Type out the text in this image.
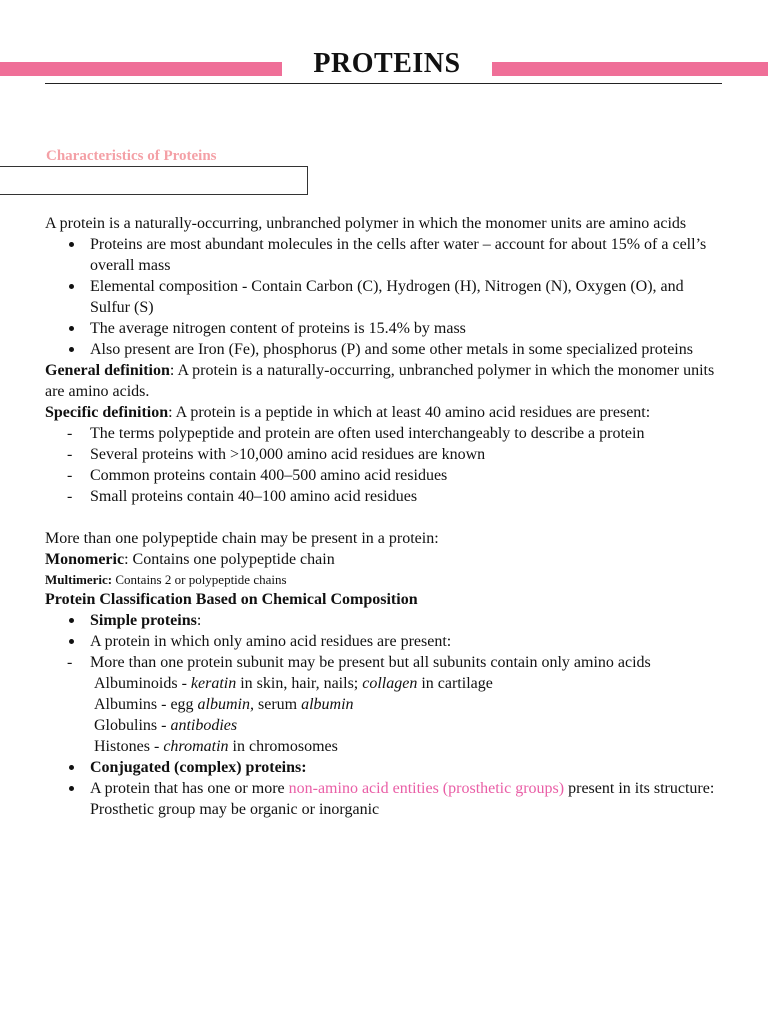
PROTEINS
Characteristics of Proteins

A protein is a naturally-occurring, unbranched polymer in which the monomer units are amino acids

Proteins are most abundant molecules in the cells after water – account for about 15% of a cell’s overall mass
Elemental composition - Contain Carbon (C), Hydrogen (H), Nitrogen (N), Oxygen (O), and Sulfur (S)
The average nitrogen content of proteins is 15.4% by mass
Also present are Iron (Fe), phosphorus (P) and some other metals in some specialized proteins

General definition: A protein is a naturally-occurring, unbranched polymer in which the monomer units are amino acids.

Specific definition: A protein is a peptide in which at least 40 amino acid residues are present:

- The terms polypeptide and protein are often used interchangeably to describe a protein
- Several proteins with >10,000 amino acid residues are known
- Common proteins contain 400–500 amino acid residues
- Small proteins contain 40–100 amino acid residues

More than one polypeptide chain may be present in a protein:

Monomeric: Contains one polypeptide chain

Multimeric: Contains 2 or polypeptide chains

Protein Classification Based on Chemical Composition

Simple proteins:
A protein in which only amino acid residues are present:
- More than one protein subunit may be present but all subunits contain only amino acids

Albuminoids - keratin in skin, hair, nails; collagen in cartilage

Albumins - egg albumin, serum albumin

Globulins - antibodies

Histones - chromatin in chromosomes

Conjugated (complex) proteins:
A protein that has one or more non-amino acid entities (prosthetic groups) present in its structure: Prosthetic group may be organic or inorganic
